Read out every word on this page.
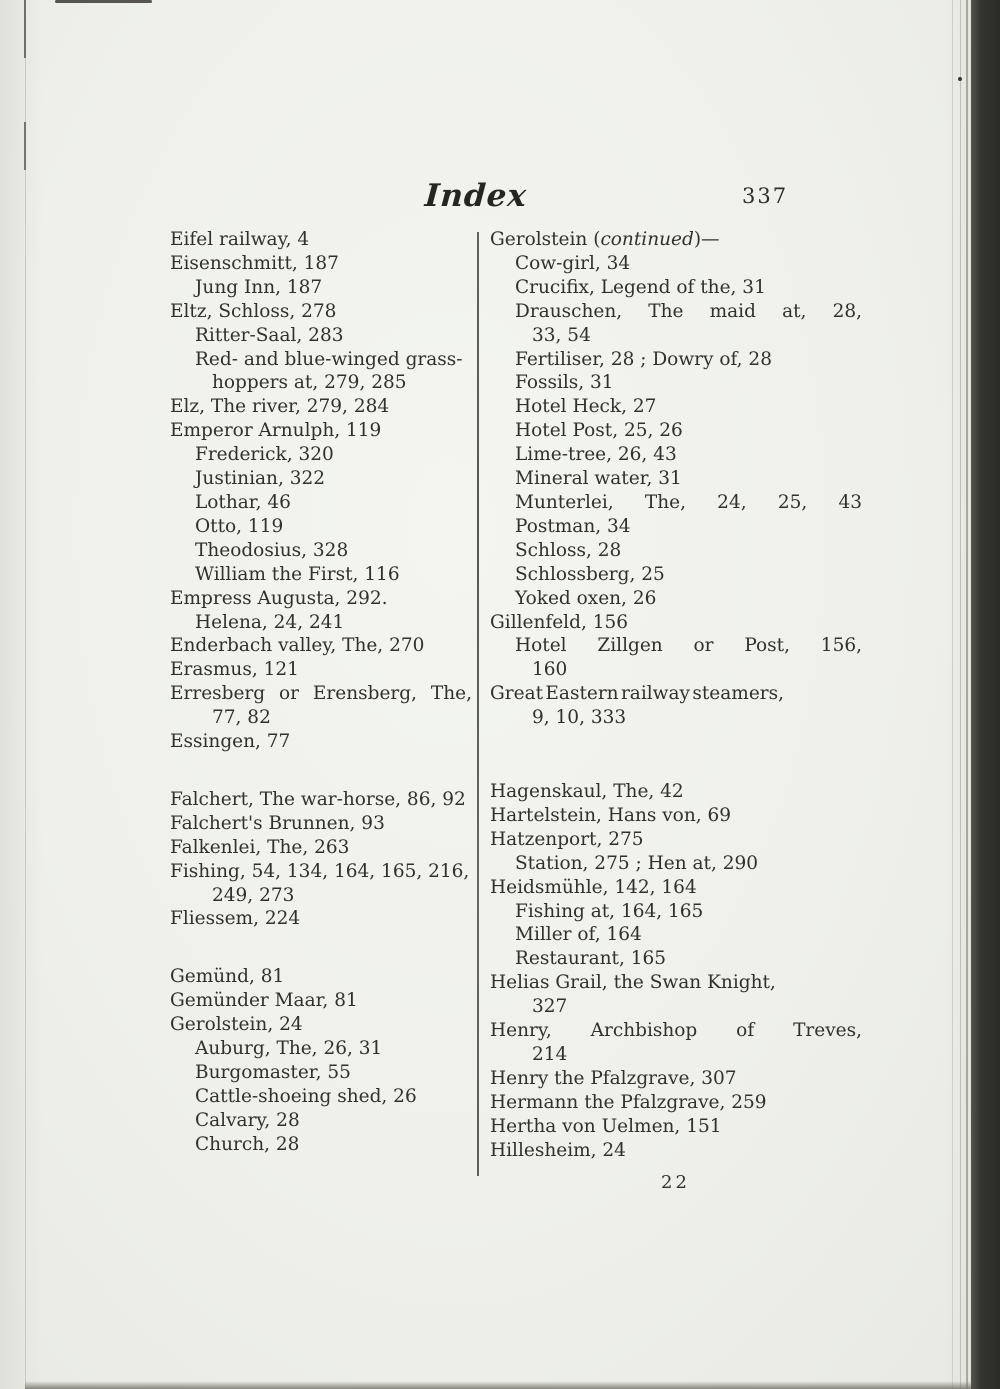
Index	337
Eifel railway, 4
Eisenschmitt, 187
Jung Inn, 187
Eltz, Schloss, 278
Ritter-Saal, 283
Red- and blue-winged grass-
hoppers at, 279, 285
Elz, The river, 279, 284
Emperor Arnulph, 119
Frederick, 320
Justinian, 322
Lothar, 46
Otto, 119
Theodosius, 328
William the First, 116
Empress Augusta, 292.
Helena, 24, 241
Enderbach valley, The, 270
Erasmus, 121
Erresberg or Erensberg, The,
77, 82
Essingen, 77
Falchert, The war-horse, 86, 92
Falchert's Brunnen, 93
Falkenlei, The, 263
Fishing, 54, 134, 164, 165, 216,
249, 273
Fliessem, 224
Gemünd, 81
Gemünder Maar, 81
Gerolstein, 24
Auburg, The, 26, 31
Burgomaster, 55
Cattle-shoeing shed, 26
Calvary, 28
Church, 28
Gerolstein (continued)—
Cow-girl, 34
Crucifix, Legend of the, 31
Drauschen, The maid at, 28,
33, 54
Fertiliser, 28 ; Dowry of, 28
Fossils, 31
Hotel Heck, 27
Hotel Post, 25, 26
Lime-tree, 26, 43
Mineral water, 31
Munterlei, The, 24, 25, 43
Postman, 34
Schloss, 28
Schlossberg, 25
Yoked oxen, 26
Gillenfeld, 156
Hotel Zillgen or Post, 156,
160
Great Eastern railway steamers,
9, 10, 333
Hagenskaul, The, 42
Hartelstein, Hans von, 69
Hatzenport, 275
Station, 275 ; Hen at, 290
Heidsmühle, 142, 164
Fishing at, 164, 165
Miller of, 164
Restaurant, 165
Helias Grail, the Swan Knight,
327
Henry, Archbishop of Treves,
214
Henry the Pfalzgrave, 307
Hermann the Pfalzgrave, 259
Hertha von Uelmen, 151
Hillesheim, 24
22
